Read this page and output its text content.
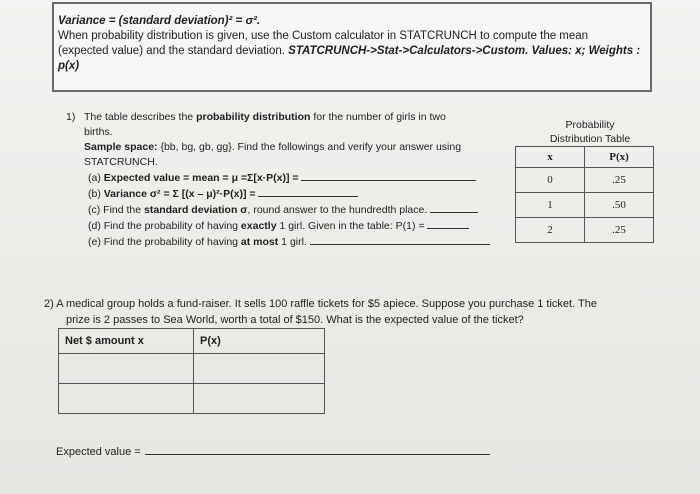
Variance = (standard deviation)² = σ².
When probability distribution is given, use the Custom calculator in STATCRUNCH to compute the mean
(expected value) and the standard deviation. STATCRUNCH->Stat->Calculators->Custom. Values: x; Weights :
p(x)
1) The table describes the probability distribution for the number of girls in two
births.
Sample space: {bb, bg, gb, gg}. Find the followings and verify your answer using
STATCRUNCH.
(a) Expected value = mean = μ =Σ[x·P(x)] =
(b) Variance σ² = Σ [(x – μ)²·P(x)] =
(c) Find the standard deviation σ, round answer to the hundredth place.
(d) Find the probability of having exactly 1 girl. Given in the table: P(1) =
(e) Find the probability of having at most 1 girl.
Probability
Distribution Table
x	P(x)
0	.25
1	.50
2	.25
2) A medical group holds a fund-raiser. It sells 100 raffle tickets for $5 apiece. Suppose you purchase 1 ticket. The
prize is 2 passes to Sea World, worth a total of $150. What is the expected value of the ticket?
Net $ amount x	P(x)

Expected value =
